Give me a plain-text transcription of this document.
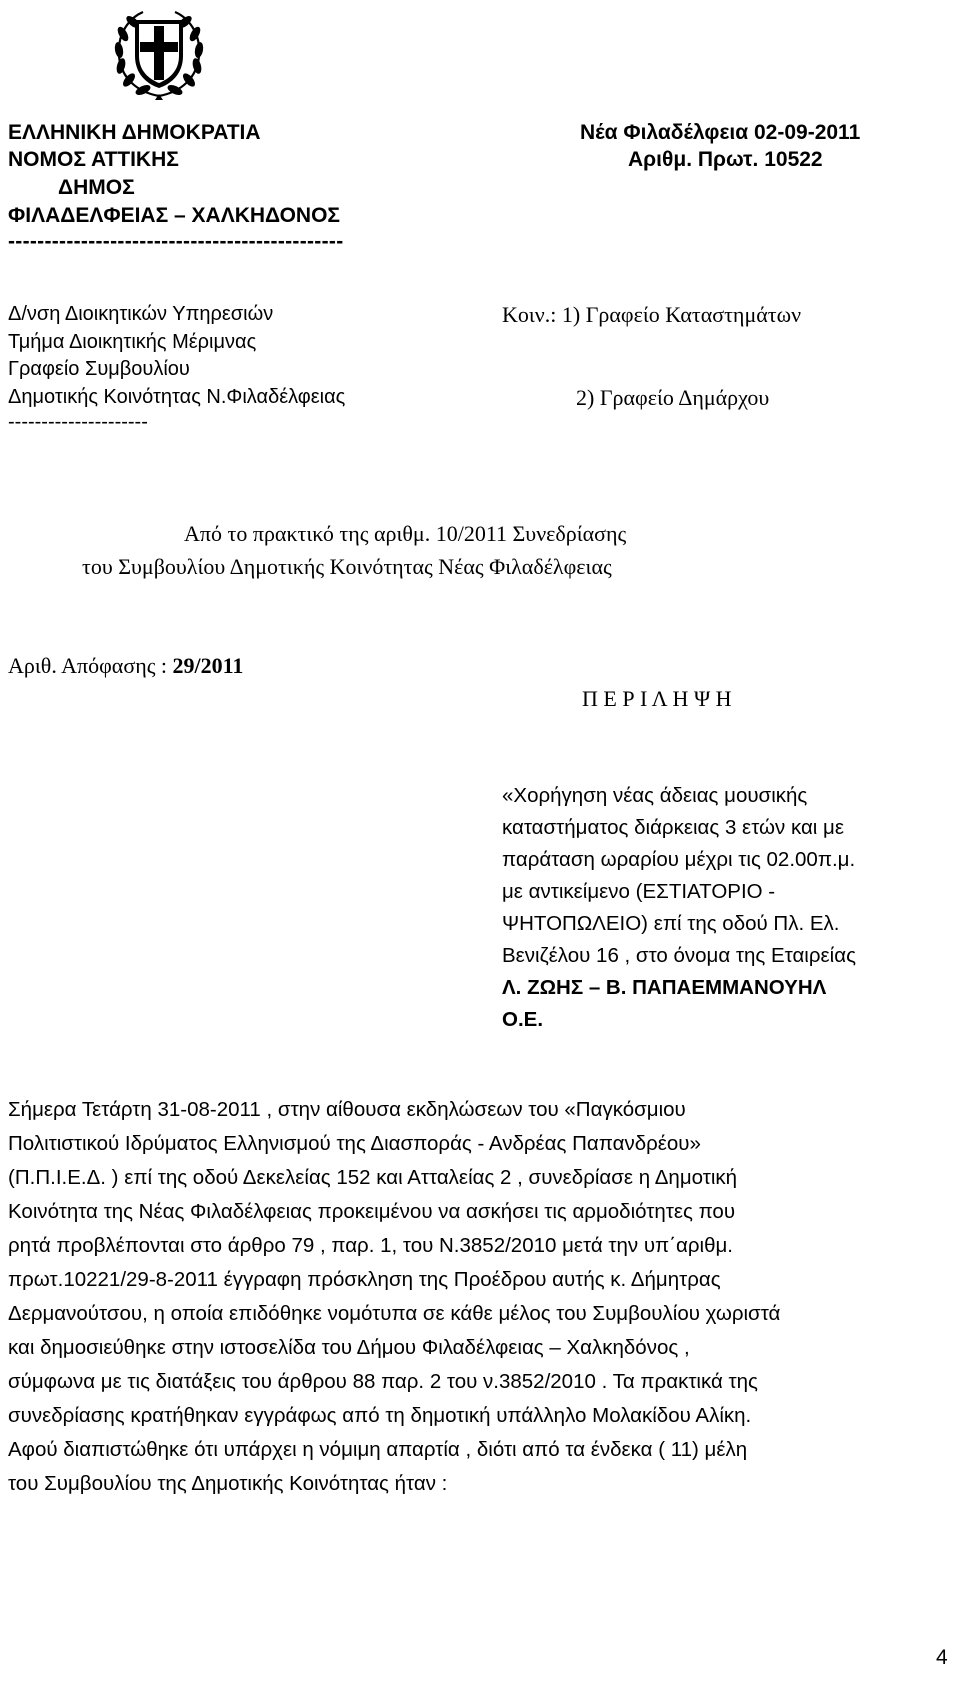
ΕΛΛΗΝΙΚΗ ΔΗΜΟΚΡΑΤΙΑ
ΝΟΜΟΣ ΑΤΤΙΚΗΣ
ΔΗΜΟΣ
ΦΙΛΑΔΕΛΦΕΙΑΣ – ΧΑΛΚΗΔΟΝΟΣ
----------------------------------------------
Νέα Φιλαδέλφεια 02-09-2011
Αριθμ. Πρωτ. 10522
Δ/νση Διοικητικών Υπηρεσιών
Τμήμα Διοικητικής Μέριμνας
Γραφείο Συμβουλίου
Δημοτικής Κοινότητας Ν.Φιλαδέλφειας
---------------------
Κοιν.: 1) Γραφείο Καταστημάτων
2) Γραφείο Δημάρχου
Από το πρακτικό της αριθμ. 10/2011 Συνεδρίασης
του Συμβουλίου Δημοτικής Κοινότητας Νέας Φιλαδέλφειας
Αριθ. Απόφασης : 29/2011
Π Ε Ρ Ι Λ Η Ψ Η
«Χορήγηση νέας άδειας μουσικής
καταστήματος διάρκειας 3 ετών και με
παράταση ωραρίου μέχρι τις 02.00π.μ.
με αντικείμενο (ΕΣΤΙΑΤΟΡΙΟ -
ΨΗΤΟΠΩΛΕΙΟ) επί της οδού Πλ. Ελ.
Βενιζέλου 16 , στο όνομα της Εταιρείας
Λ. ΖΩΗΣ – Β. ΠΑΠΑΕΜΜΑΝΟΥΗΛ
Ο.Ε.
Σήμερα Τετάρτη 31-08-2011 , στην αίθουσα εκδηλώσεων του «Παγκόσμιου
Πολιτιστικού Ιδρύματος Ελληνισμού της Διασποράς - Ανδρέας Παπανδρέου»
(Π.Π.Ι.Ε.Δ. ) επί της οδού Δεκελείας 152 και Ατταλείας 2 , συνεδρίασε η Δημοτική
Κοινότητα της Νέας Φιλαδέλφειας προκειμένου να ασκήσει τις αρμοδιότητες που
ρητά προβλέπονται στο άρθρο 79 , παρ. 1, του Ν.3852/2010 μετά την υπ΄αριθμ.
πρωτ.10221/29-8-2011 έγγραφη πρόσκληση της Προέδρου αυτής κ. Δήμητρας
Δερμανούτσου, η οποία επιδόθηκε νομότυπα σε κάθε μέλος του Συμβουλίου χωριστά
και δημοσιεύθηκε στην ιστοσελίδα του Δήμου Φιλαδέλφειας – Χαλκηδόνος ,
σύμφωνα με τις διατάξεις του άρθρου 88 παρ. 2 του ν.3852/2010 . Τα πρακτικά της
συνεδρίασης κρατήθηκαν εγγράφως από τη δημοτική υπάλληλο Μολακίδου Αλίκη.
Αφού διαπιστώθηκε ότι υπάρχει η νόμιμη απαρτία , διότι από τα ένδεκα ( 11) μέλη
του Συμβουλίου της Δημοτικής Κοινότητας ήταν :
4
